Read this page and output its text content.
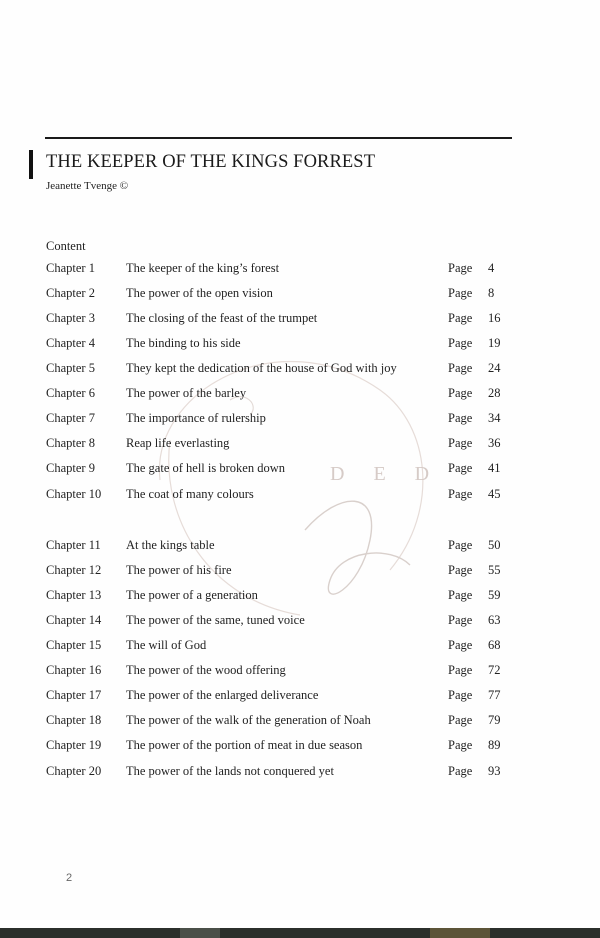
THE KEEPER OF THE KINGS FORREST
Jeanette Tvenge ©
Content
D E D
Chapter 1 The keeper of the king’s forest	Page 4
Chapter 2 The power of the open vision	Page 8
Chapter 3 The closing of the feast of the trumpet	Page 16
Chapter 4 The binding to his side	Page 19
Chapter 5 They kept the dedication of the house of God with joy	Page 24
Chapter 6 The power of the barley	Page 28
Chapter 7 The importance of rulership	Page 34
Chapter 8 Reap life everlasting	Page 36
Chapter 9 The gate of hell is broken down	Page 41
Chapter 10 The coat of many colours	Page 45
Chapter 11 At the kings table	Page 50
Chapter 12 The power of his fire	Page 55
Chapter 13 The power of a generation	Page 59
Chapter 14 The power of the same, tuned voice	Page 63
Chapter 15 The will of God	Page 68
Chapter 16 The power of the wood offering	Page 72
Chapter 17 The power of the enlarged deliverance	Page 77
Chapter 18 The power of the walk of the generation of Noah	Page 79
Chapter 19 The power of the portion of meat in due season	Page 89
Chapter 20 The power of the lands not conquered yet	Page 93
2
